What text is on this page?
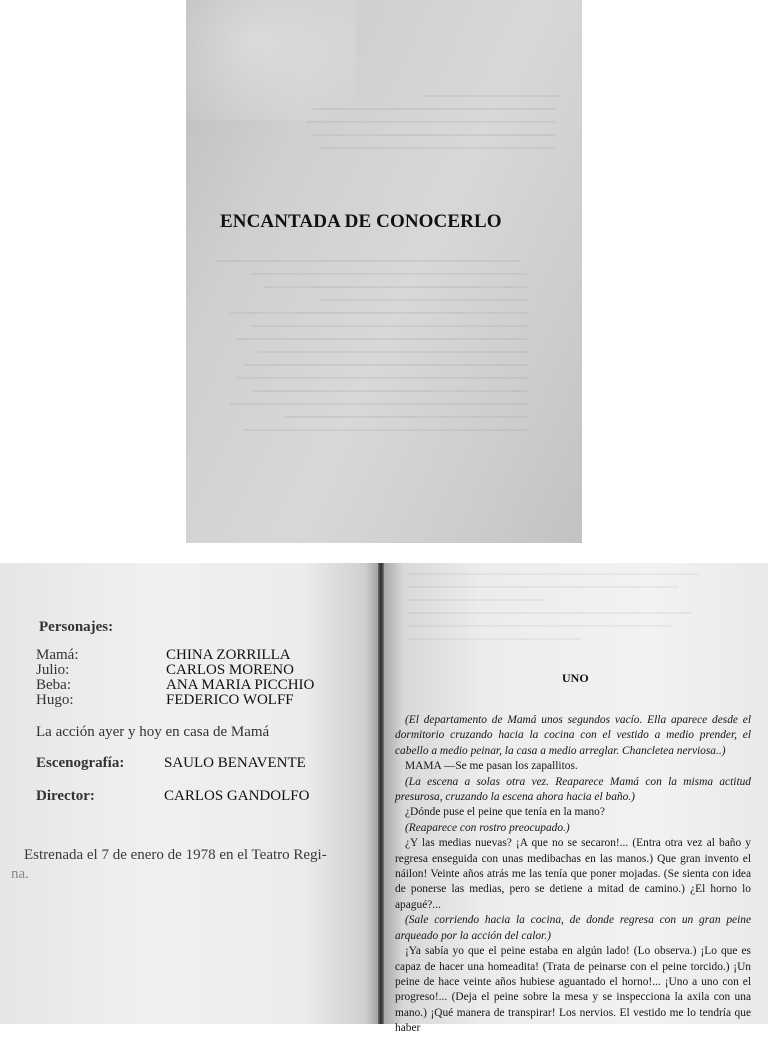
ENCANTADA DE CONOCERLO
Personajes:
Mamá:	CHINA ZORRILLA
Julio:	CARLOS MORENO
Beba:	ANA MARIA PICCHIO
Hugo:	FEDERICO WOLFF
La acción ayer y hoy en casa de Mamá
Escenografía:	SAULO BENAVENTE
Director:	CARLOS GANDOLFO
Estrenada el 7 de enero de 1978 en el Teatro Regi-
na.
UNO

(El departamento de Mamá unos segundos vacío. Ella aparece desde el dormitorio cruzando hacia la cocina con el vestido a medio prender, el cabello a medio peinar, la casa a medio arreglar. Chancletea nerviosa..)

MAMA —Se me pasan los zapallitos.

(La escena a solas otra vez. Reaparece Mamá con la misma actitud presurosa, cruzando la escena ahora hacia el baño.)

¿Dónde puse el peine que tenía en la mano?

(Reaparece con rostro preocupado.)

¿Y las medias nuevas? ¡A que no se secaron!... (Entra otra vez al baño y regresa enseguida con unas medibachas en las manos.) Que gran invento el náilon! Veinte años atrás me las tenía que poner mojadas. (Se sienta con idea de ponerse las medias, pero se detiene a mitad de camino.) ¿El horno lo apagué?...

(Sale corriendo hacia la cocina, de donde regresa con un gran peine arqueado por la acción del calor.)

¡Ya sabía yo que el peine estaba en algún lado! (Lo observa.) ¡Lo que es capaz de hacer una homeadita! (Trata de peinarse con el peine torcido.) ¡Un peine de hace veinte años hubiese aguantado el horno!... ¡Uno a uno con el progreso!... (Deja el peine sobre la mesa y se inspecciona la axila con una mano.) ¡Qué manera de transpirar! Los nervios. El vestido me lo tendría que haber
